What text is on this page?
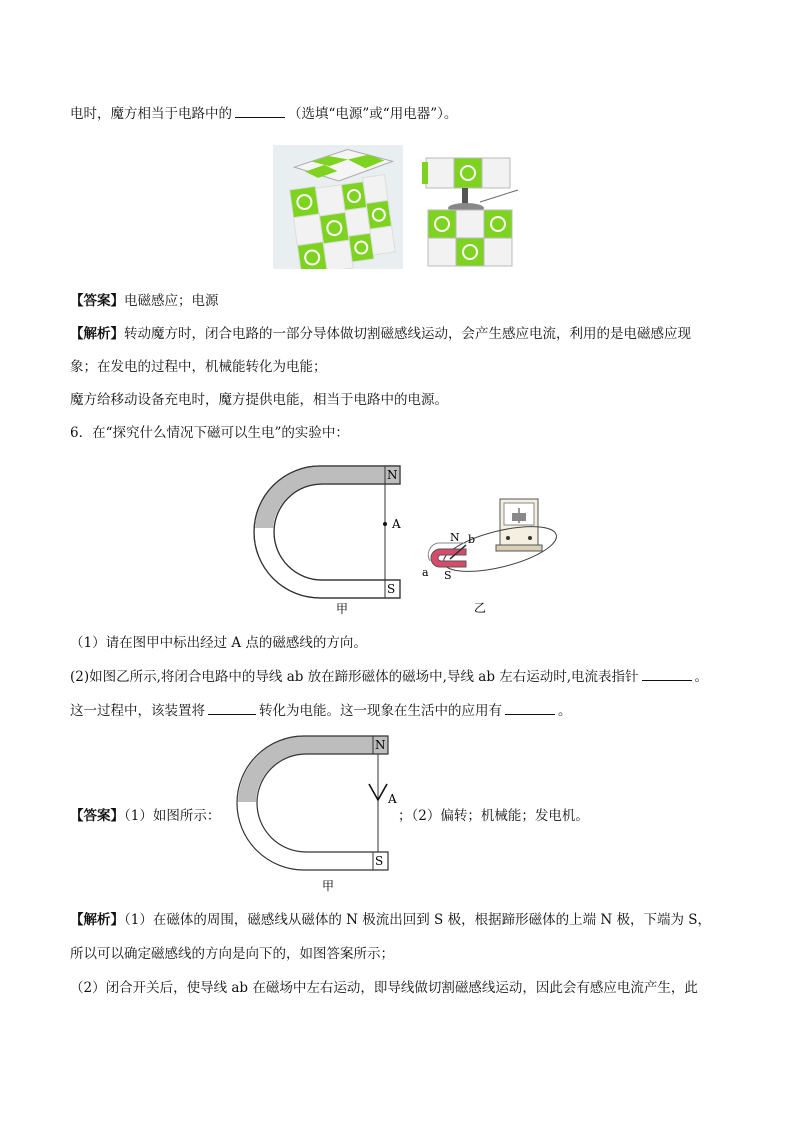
电时，魔方相当于电路中的	（选填“电源”或“用电器”）。
【答案】电磁感应；电源
【解析】转动魔方时，闭合电路的一部分导体做切割磁感线运动，会产生感应电流，利用的是电磁感应现
象；在发电的过程中，机械能转化为电能；
魔方给移动设备充电时，魔方提供电能，相当于电路中的电源。
6．在“探究什么情况下磁可以生电”的实验中：
N
S
A
甲
N
S
a
b
乙
（1）请在图甲中标出经过 A 点的磁感线的方向。
(2)如图乙所示,将闭合电路中的导线 ab 放在蹄形磁体的磁场中,导线 ab 左右运动时,电流表指针	。
这一过程中，该装置将	转化为电能。这一现象在生活中的应用有	。
N
S
A
甲
【答案】（1）如图所示：	；（2）偏转；机械能；发电机。
【解析】（1）在磁体的周围，磁感线从磁体的 N 极流出回到 S 极，根据蹄形磁体的上端 N 极，下端为 S，
所以可以确定磁感线的方向是向下的，如图答案所示；
（2）闭合开关后，使导线 ab 在磁场中左右运动，即导线做切割磁感线运动，因此会有感应电流产生，此
